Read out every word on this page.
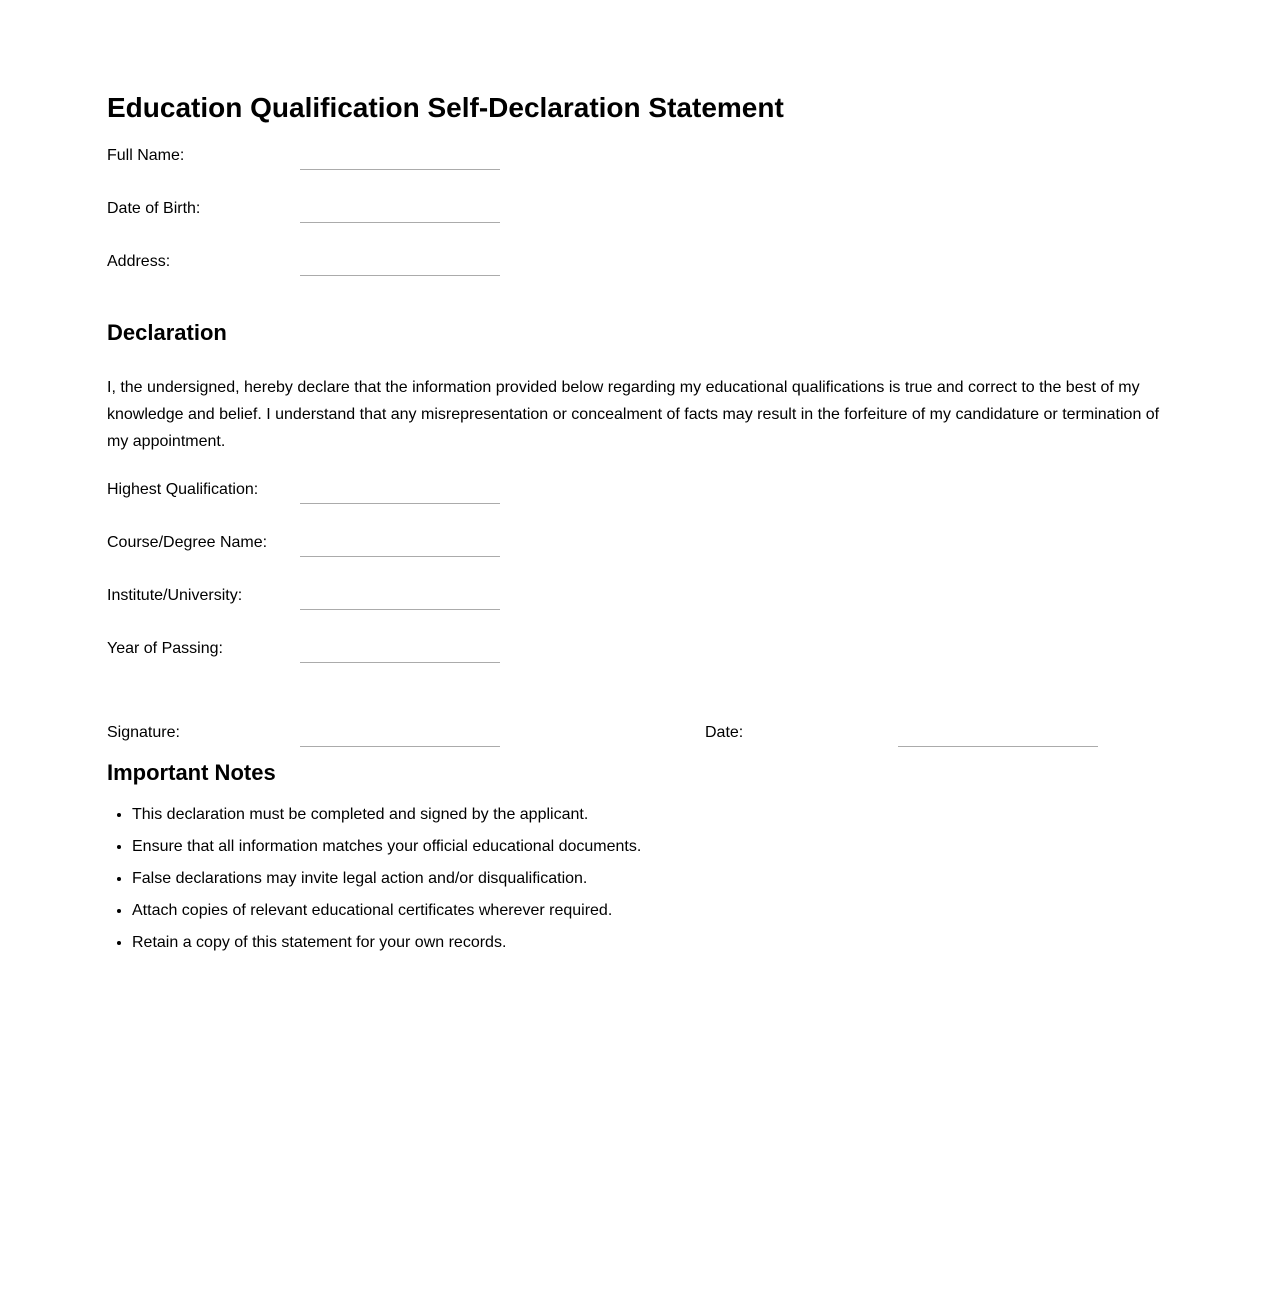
Education Qualification Self-Declaration Statement
Full Name:
Date of Birth:
Address:
Declaration

I, the undersigned, hereby declare that the information provided below regarding my educational qualifications is true and correct to the best of my knowledge and belief. I understand that any misrepresentation or concealment of facts may result in the forfeiture of my candidature or termination of my appointment.

Highest Qualification:
Course/Degree Name:
Institute/University:
Year of Passing:
Signature:	Date:
Important Notes
• This declaration must be completed and signed by the applicant.
• Ensure that all information matches your official educational documents.
• False declarations may invite legal action and/or disqualification.
• Attach copies of relevant educational certificates wherever required.
• Retain a copy of this statement for your own records.
